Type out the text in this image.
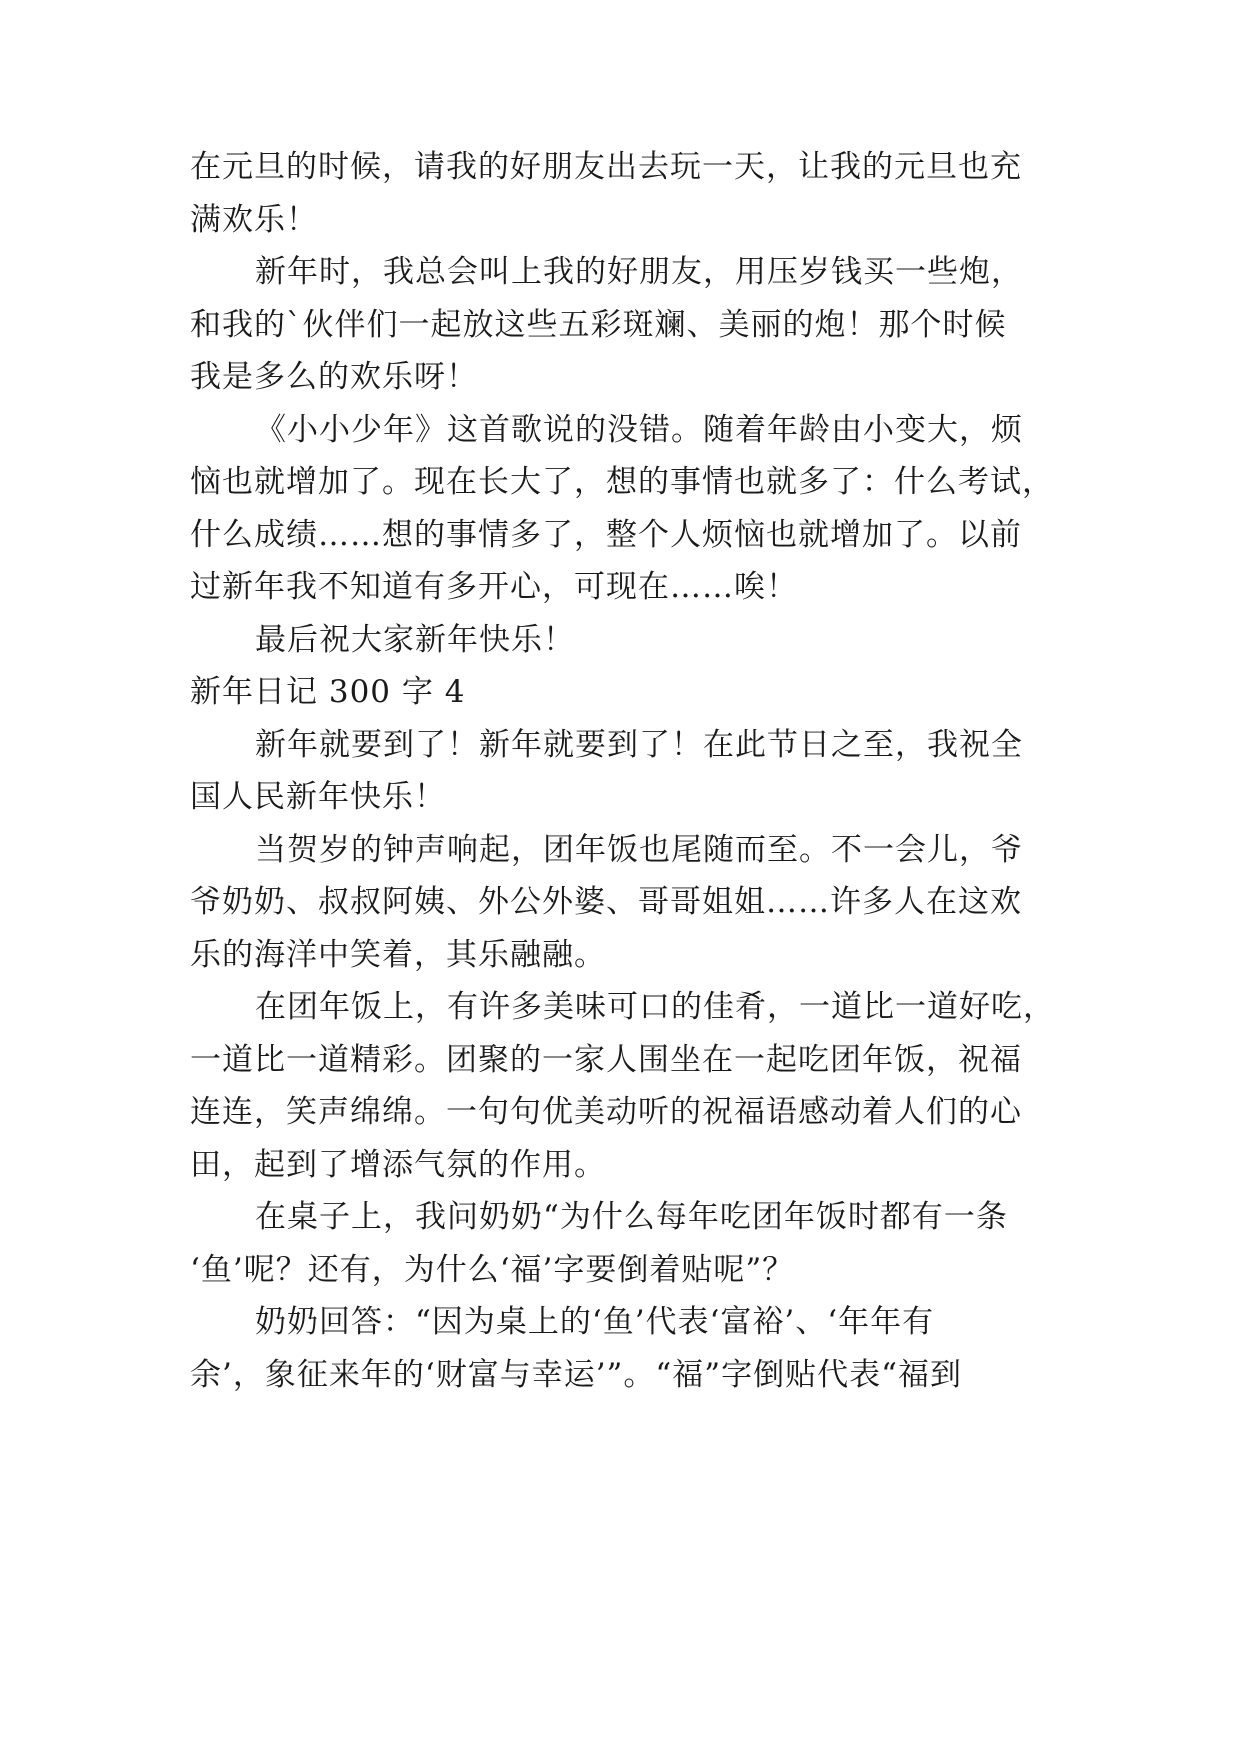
在元旦的时候，请我的好朋友出去玩一天，让我的元旦也充
满欢乐！
新年时，我总会叫上我的好朋友，用压岁钱买一些炮，
和我的`伙伴们一起放这些五彩斑斓、美丽的炮！那个时候
我是多么的欢乐呀！
《小小少年》这首歌说的没错。随着年龄由小变大，烦
恼也就增加了。现在长大了，想的事情也就多了：什么考试，
什么成绩……想的事情多了，整个人烦恼也就增加了。以前
过新年我不知道有多开心，可现在……唉！
最后祝大家新年快乐！
新年日记 300 字 4
新年就要到了！新年就要到了！在此节日之至，我祝全
国人民新年快乐！
当贺岁的钟声响起，团年饭也尾随而至。不一会儿，爷
爷奶奶、叔叔阿姨、外公外婆、哥哥姐姐……许多人在这欢
乐的海洋中笑着，其乐融融。
在团年饭上，有许多美味可口的佳肴，一道比一道好吃，
一道比一道精彩。团聚的一家人围坐在一起吃团年饭，祝福
连连，笑声绵绵。一句句优美动听的祝福语感动着人们的心
田，起到了增添气氛的作用。
在桌子上，我问奶奶“为什么每年吃团年饭时都有一条
‘鱼’呢？还有，为什么‘福’字要倒着贴呢”？
奶奶回答：“因为桌上的‘鱼’代表‘富裕’、‘年年有
余’，象征来年的‘财富与幸运’”。“福”字倒贴代表“福到
